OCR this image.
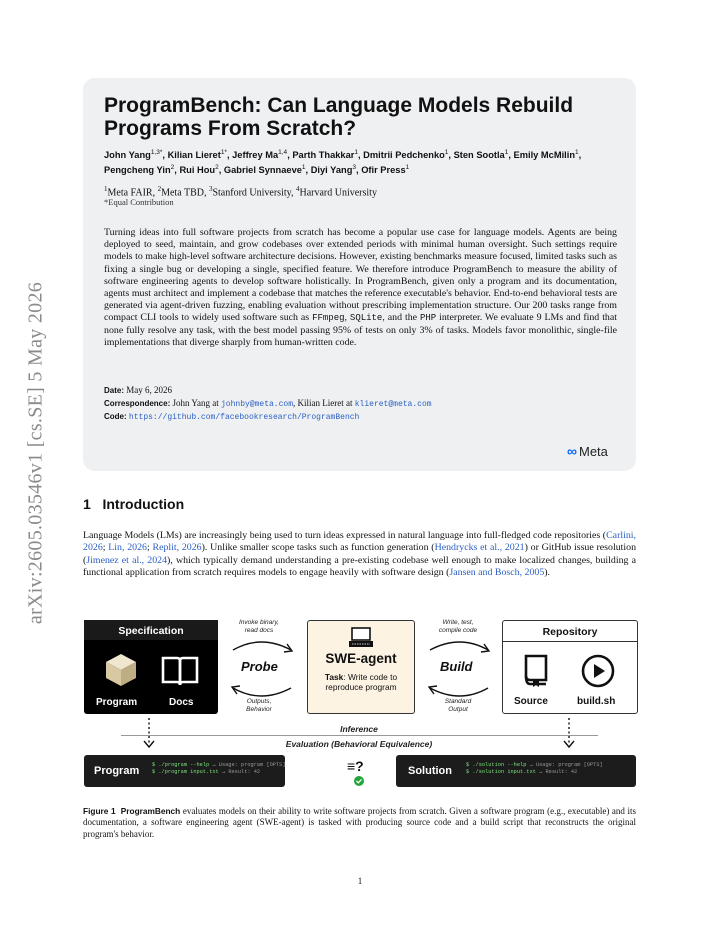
arXiv:2605.03546v1 [cs.SE] 5 May 2026
ProgramBench: Can Language Models Rebuild Programs From Scratch?
John Yang$^{1,3*}$, Kilian Lieret$^{1*}$, Jeffrey Ma$^{1,4}$, Parth Thakkar$^1$, Dmitrii Pedchenko$^1$, Sten Sootla$^1$, Emily McMilin$^1$, Pengcheng Yin$^2$, Rui Hou$^2$, Gabriel Synnaeve$^1$, Diyi Yang$^3$, Ofir Press$^1$
$^1$Meta FAIR, $^2$Meta TBD, $^3$Stanford University, $^4$Harvard University
*Equal Contribution
Turning ideas into full software projects from scratch has become a popular use case for language models. Agents are being deployed to seed, maintain, and grow codebases over extended periods with minimal human oversight. Such settings require models to make high-level software architecture decisions. However, existing benchmarks measure focused, limited tasks such as fixing a single bug or developing a single, specified feature. We therefore introduce ProgramBench to measure the ability of software engineering agents to develop software holistically. In ProgramBench, given only a program and its documentation, agents must architect and implement a codebase that matches the reference executable's behavior. End-to-end behavioral tests are generated via agent-driven fuzzing, enabling evaluation without prescribing implementation structure. Our 200 tasks range from compact CLI tools to widely used software such as FFmpeg, SQLite, and the PHP interpreter. We evaluate 9 LMs and find that none fully resolve any task, with the best model passing 95% of tests on only 3% of tasks. Models favor monolithic, single-file implementations that diverge sharply from human-written code.
Date: May 6, 2026
Correspondence: John Yang at johnby@meta.com, Kilian Lieret at klieret@meta.com
Code: https://github.com/facebookresearch/ProgramBench
∞ Meta
1 Introduction
Language Models (LMs) are increasingly being used to turn ideas expressed in natural language into full-fledged code repositories (Carlini, 2026; Lin, 2026; Replit, 2026). Unlike smaller scope tasks such as function generation (Hendrycks et al., 2021) or GitHub issue resolution (Jimenez et al., 2024), which typically demand understanding a pre-existing codebase well enough to make localized changes, building a functional application from scratch requires models to engage heavily with software design (Jansen and Bosch, 2005).
Specification
Program	Docs
Invoke binary,
read docs
Probe
Outputs,
Behavior
SWE-agent
Task: Write code to
reproduce program
Write, test,
compile code
Build
Standard
Output
Repository
Source	build.sh
Inference
Evaluation (Behavioral Equivalence)
Program $ ./program --help → Usage: program [OPTS]
$ ./program input.txt → Result: 42	≡?	Solution	$ ./solution --help → Usage: program [OPTS]
$ ./solution input.txt → Result: 42
Figure 1 ProgramBench evaluates models on their ability to write software projects from scratch. Given a software program (e.g., executable) and its documentation, a software engineering agent (SWE-agent) is tasked with producing source code and a build script that reconstructs the original program's behavior.
1
